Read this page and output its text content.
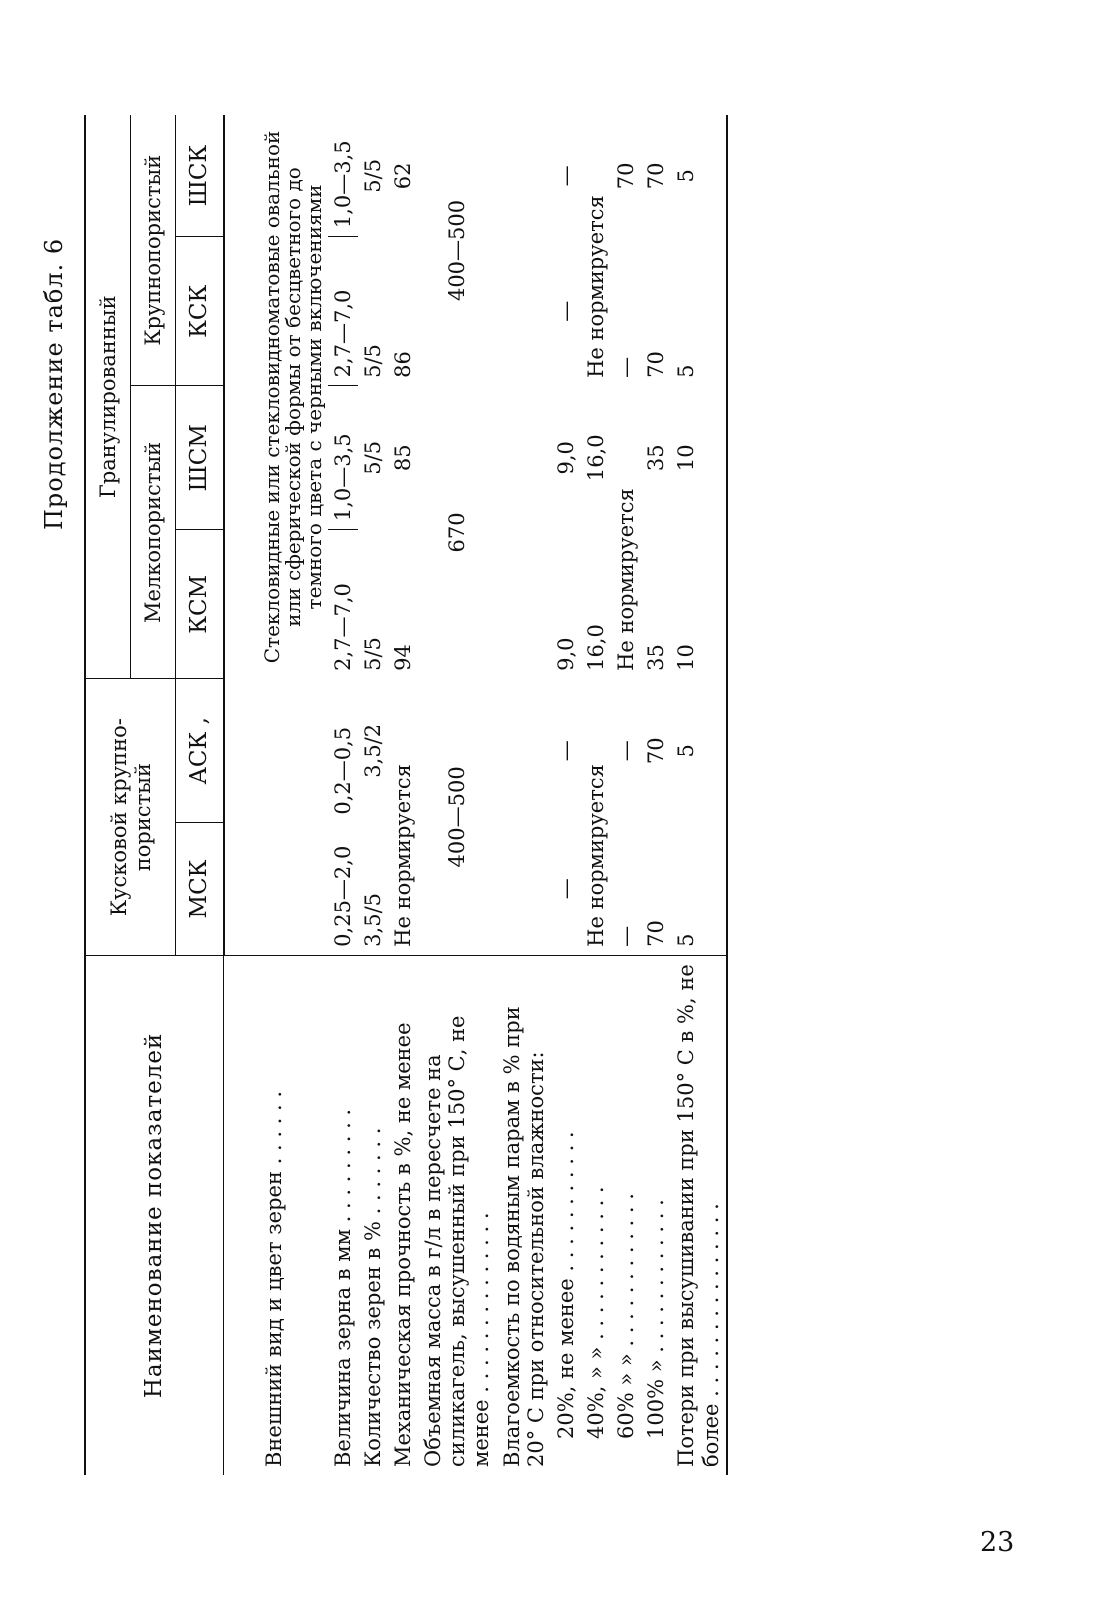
23
Продолжение табл. 6
Наименование показателей	Кусковой крупно-пористый		Гранулированный			
			Мелкопористый		Крупнопористый	
	МСК	АСК ,	КСМ	ШСМ	КСК	ШСК

Внешний вид и цвет зерен . . . . . .			Стекловидные или стекловидноматовые овальной или сферической формы от бесцветного до темного цвета с черными включениями			
Величина зерна в мм . . . . . . . . .	0,25—2,0	0,2—0,5	2,7—7,0	1,0—3,5	2,7—7,0	1,0—3,5
Количество зерен в % . . . . . . .	3,5/5	3,5/2	5/5	5/5	5/5	5/5
Механическая прочность в %, не менее	Не нормируется		94	85	86	62
Объемная масса в г/л в пересчете на силикагель, высушенный при 150° С, не менее . . . . . . . . . . . . . .	400—500		670		400—500	
Влагоемкость по водяным парам в % при 20° С при относительной влажности:						
20%, не менее . . . . . . . . . . .	—	—	9,0	9,0	—	—
40%, » » . . . . . . . . . . . .	Не нормируется		16,0	16,0	Не нормируется	
60% » » . . . . . . . . . . . .	—	—	Не нормируется		—	70
100% » . . . . . . . . . . . .	70	70	35	35	70	70
Потери при высушивании при 150° С в %, не более . . . . . . . . . . . . . . .	5	5	10	10	5	5
